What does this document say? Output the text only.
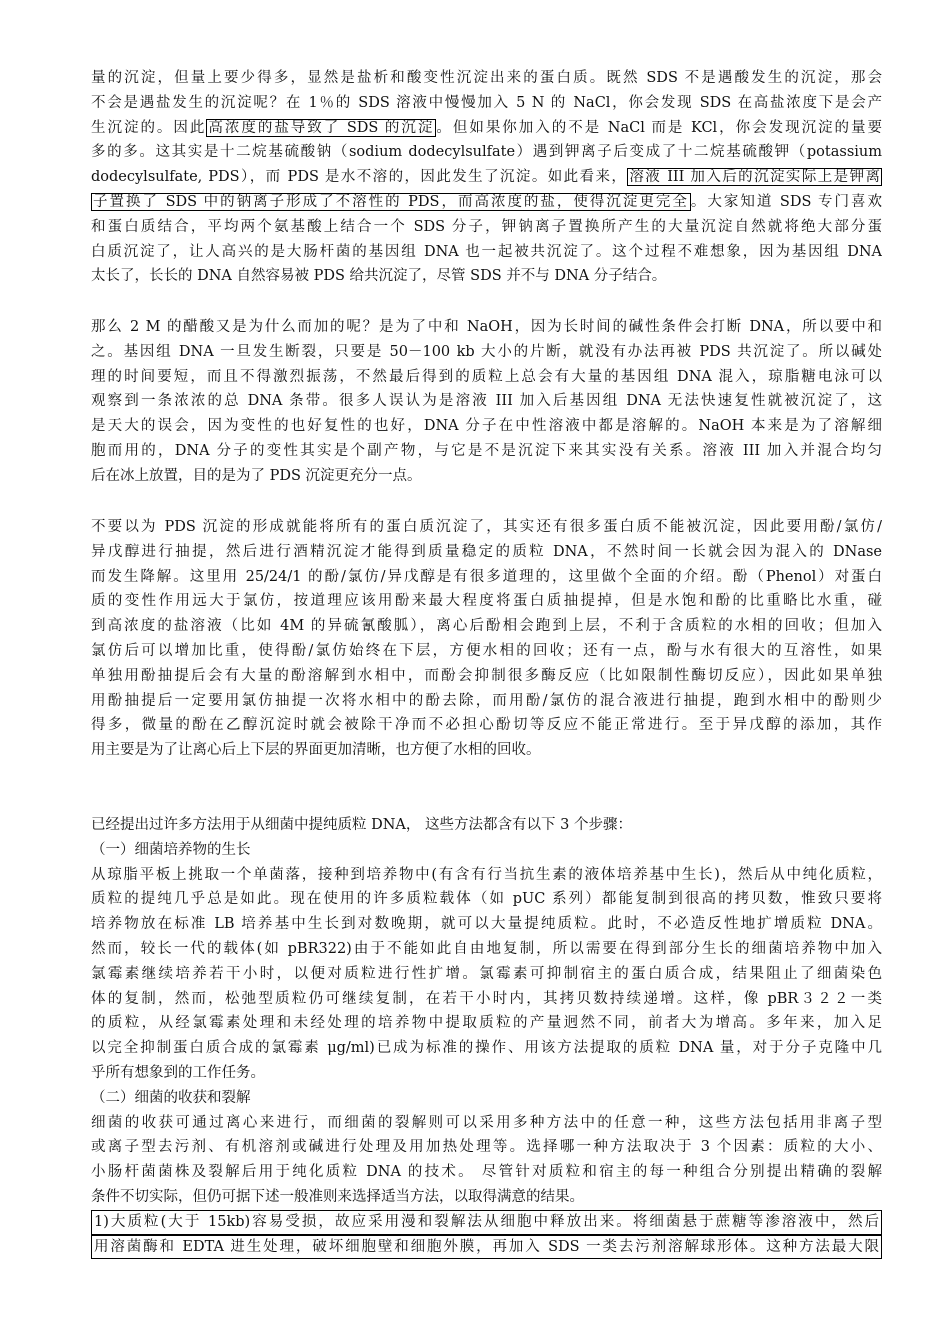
量的沉淀，但量上要少得多，显然是盐析和酸变性沉淀出来的蛋白质。既然 SDS 不是遇酸发生的沉淀，那会
不会是遇盐发生的沉淀呢？在 1％的 SDS 溶液中慢慢加入 5 N 的 NaCl，你会发现 SDS 在高盐浓度下是会产
生沉淀的。因此 高浓度的盐导致了 SDS 的沉淀 。但如果你加入的不是 NaCl 而是 KCl，你会发现沉淀的量要
多的多。这其实是十二烷基硫酸钠（sodium dodecylsulfate）遇到钾离子后变成了十二烷基硫酸钾（potassium
dodecylsulfate, PDS），而 PDS 是水不溶的，因此发生了沉淀。如此看来， 溶液 III 加入后的沉淀实际上是钾离
子置换了 SDS 中的钠离子形成了不溶性的 PDS，而高浓度的盐，使得沉淀更完全 。大家知道 SDS 专门喜欢
和蛋白质结合，平均两个氨基酸上结合一个 SDS 分子，钾钠离子置换所产生的大量沉淀自然就将绝大部分蛋
白质沉淀了，让人高兴的是大肠杆菌的基因组 DNA 也一起被共沉淀了。这个过程不难想象，因为基因组 DNA
太长了，长长的 DNA 自然容易被 PDS 给共沉淀了，尽管 SDS 并不与 DNA 分子结合。
那么 2 M 的醋酸又是为什么而加的呢？是为了中和 NaOH，因为长时间的碱性条件会打断 DNA，所以要中和
之。基因组 DNA 一旦发生断裂，只要是 50－100 kb 大小的片断，就没有办法再被 PDS 共沉淀了。所以碱处
理的时间要短，而且不得激烈振荡，不然最后得到的质粒上总会有大量的基因组 DNA 混入，琼脂糖电泳可以
观察到一条浓浓的总 DNA 条带。很多人误认为是溶液 III 加入后基因组 DNA 无法快速复性就被沉淀了，这
是天大的误会，因为变性的也好复性的也好，DNA 分子在中性溶液中都是溶解的。NaOH 本来是为了溶解细
胞而用的，DNA 分子的变性其实是个副产物，与它是不是沉淀下来其实没有关系。溶液 III 加入并混合均匀
后在冰上放置，目的是为了 PDS 沉淀更充分一点。
不要以为 PDS 沉淀的形成就能将所有的蛋白质沉淀了，其实还有很多蛋白质不能被沉淀，因此要用酚/氯仿/
异戊醇进行抽提，然后进行酒精沉淀才能得到质量稳定的质粒 DNA，不然时间一长就会因为混入的 DNase
而发生降解。这里用 25/24/1 的酚/氯仿/异戊醇是有很多道理的，这里做个全面的介绍。酚（Phenol）对蛋白
质的变性作用远大于氯仿，按道理应该用酚来最大程度将蛋白质抽提掉，但是水饱和酚的比重略比水重，碰
到高浓度的盐溶液（比如 4M 的异硫氰酸胍），离心后酚相会跑到上层，不利于含质粒的水相的回收；但加入
氯仿后可以增加比重，使得酚/氯仿始终在下层，方便水相的回收；还有一点，酚与水有很大的互溶性，如果
单独用酚抽提后会有大量的酚溶解到水相中，而酚会抑制很多酶反应（比如限制性酶切反应），因此如果单独
用酚抽提后一定要用氯仿抽提一次将水相中的酚去除，而用酚/氯仿的混合液进行抽提，跑到水相中的酚则少
得多，微量的酚在乙醇沉淀时就会被除干净而不必担心酚切等反应不能正常进行。至于异戊醇的添加，其作
用主要是为了让离心后上下层的界面更加清晰，也方便了水相的回收。
已经提出过许多方法用于从细菌中提纯质粒 DNA， 这些方法都含有以下 3 个步骤：
（一）细菌培养物的生长
从琼脂平板上挑取一个单菌落，接种到培养物中(有含有行当抗生素的液体培养基中生长)，然后从中纯化质粒，
质粒的提纯几乎总是如此。现在使用的许多质粒载体（如 pUC 系列）都能复制到很高的拷贝数，惟致只要将
培养物放在标准 LB 培养基中生长到对数晚期，就可以大量提纯质粒。此时，不必造反性地扩增质粒 DNA。
然而，较长一代的载体(如 pBR322)由于不能如此自由地复制，所以需要在得到部分生长的细菌培养物中加入
氯霉素继续培养若干小时，以便对质粒进行性扩增。氯霉素可抑制宿主的蛋白质合成，结果阻止了细菌染色
体的复制，然而，松弛型质粒仍可继续复制，在若干小时内，其拷贝数持续递增。这样，像 pBR３２２一类
的质粒，从经氯霉素处理和未经处理的培养物中提取质粒的产量迥然不同，前者大为增高。多年来，加入足
以完全抑制蛋白质合成的氯霉素 μg/ml)已成为标准的操作、用该方法提取的质粒 DNA 量，对于分子克隆中几
乎所有想象到的工作任务。
（二）细菌的收获和裂解
细菌的收获可通过离心来进行，而细菌的裂解则可以采用多种方法中的任意一种，这些方法包括用非离子型
或离子型去污剂、有机溶剂或碱进行处理及用加热处理等。选择哪一种方法取决于 3 个因素：质粒的大小、
小肠杆菌菌株及裂解后用于纯化质粒 DNA 的技术。 尽管针对质粒和宿主的每一种组合分别提出精确的裂解
条件不切实际，但仍可据下述一般准则来选择适当方法，以取得满意的结果。
1)大质粒(大于 15kb)容易受损，故应采用漫和裂解法从细胞中释放出来。将细菌悬于蔗糖等渗溶液中，然后
用溶菌酶和 EDTA 进生处理，破坏细胞壁和细胞外膜，再加入 SDS 一类去污剂溶解球形体。这种方法最大限
